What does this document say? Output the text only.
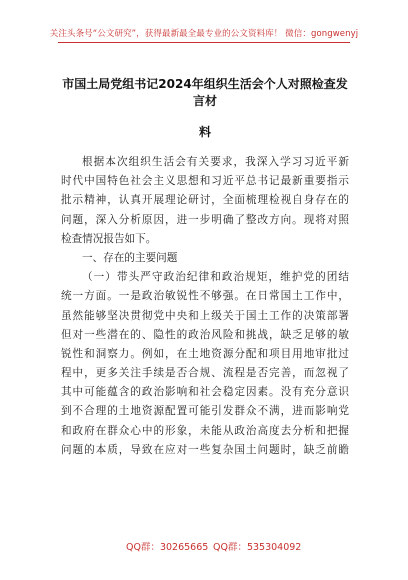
关注头条号“公文研究”，获得最新最全最专业的公文资料库！ 微信：gongwenyj
市国土局党组书记2024年组织生活会个人对照检查发言材
料
根据本次组织生活会有关要求，我深入学习习近平新
时代中国特色社会主义思想和习近平总书记最新重要指示
批示精神，认真开展理论研讨，全面梳理检视自身存在的
问题，深入分析原因，进一步明确了整改方向。现将对照
检查情况报告如下。
一、存在的主要问题
（一）带头严守政治纪律和政治规矩，维护党的团结
统一方面。一是政治敏锐性不够强。在日常国土工作中，
虽然能够坚决贯彻党中央和上级关于国土工作的决策部署
但对一些潜在的、隐性的政治风险和挑战，缺乏足够的敏
锐性和洞察力。例如，在土地资源分配和项目用地审批过
程中，更多关注手续是否合规、流程是否完善，而忽视了
其中可能蕴含的政治影响和社会稳定因素。没有充分意识
到不合理的土地资源配置可能引发群众不满，进而影响党
和政府在群众心中的形象，未能从政治高度去分析和把握
问题的本质，导致在应对一些复杂国土问题时，缺乏前瞻
QQ群：30265665 QQ群：535304092
